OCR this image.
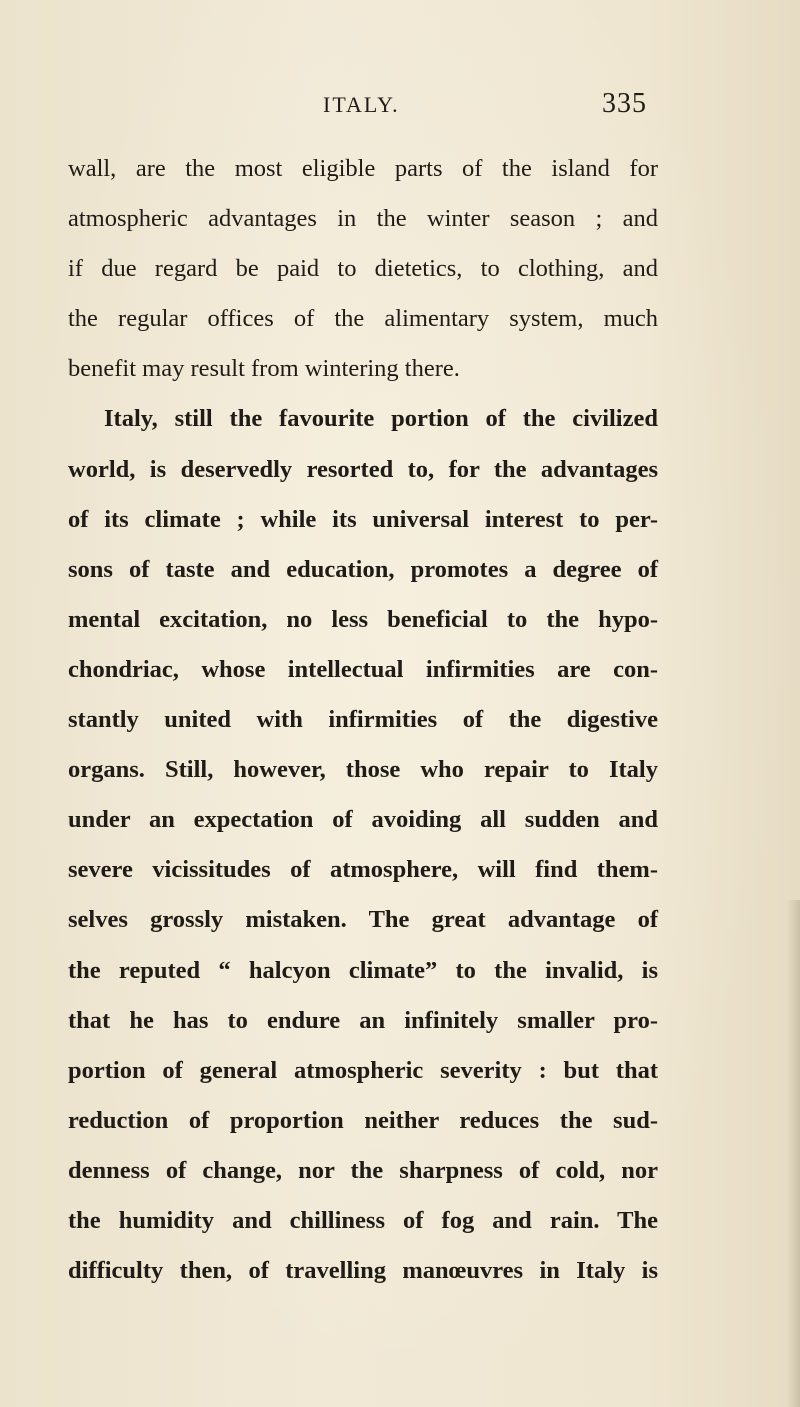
ITALY.	335
wall, are the most eligible parts of the island for
atmospheric advantages in the winter season ; and
if due regard be paid to dietetics, to clothing, and
the regular offices of the alimentary system, much
benefit may result from wintering there.
Italy, still the favourite portion of the civilized
world, is deservedly resorted to, for the advantages
of its climate ; while its universal interest to per-
sons of taste and education, promotes a degree of
mental excitation, no less beneficial to the hypo-
chondriac, whose intellectual infirmities are con-
stantly united with infirmities of the digestive
organs. Still, however, those who repair to Italy
under an expectation of avoiding all sudden and
severe vicissitudes of atmosphere, will find them-
selves grossly mistaken. The great advantage of
the reputed “ halcyon climate” to the invalid, is
that he has to endure an infinitely smaller pro-
portion of general atmospheric severity : but that
reduction of proportion neither reduces the sud-
denness of change, nor the sharpness of cold, nor
the humidity and chilliness of fog and rain. The
difficulty then, of travelling manœuvres in Italy is
